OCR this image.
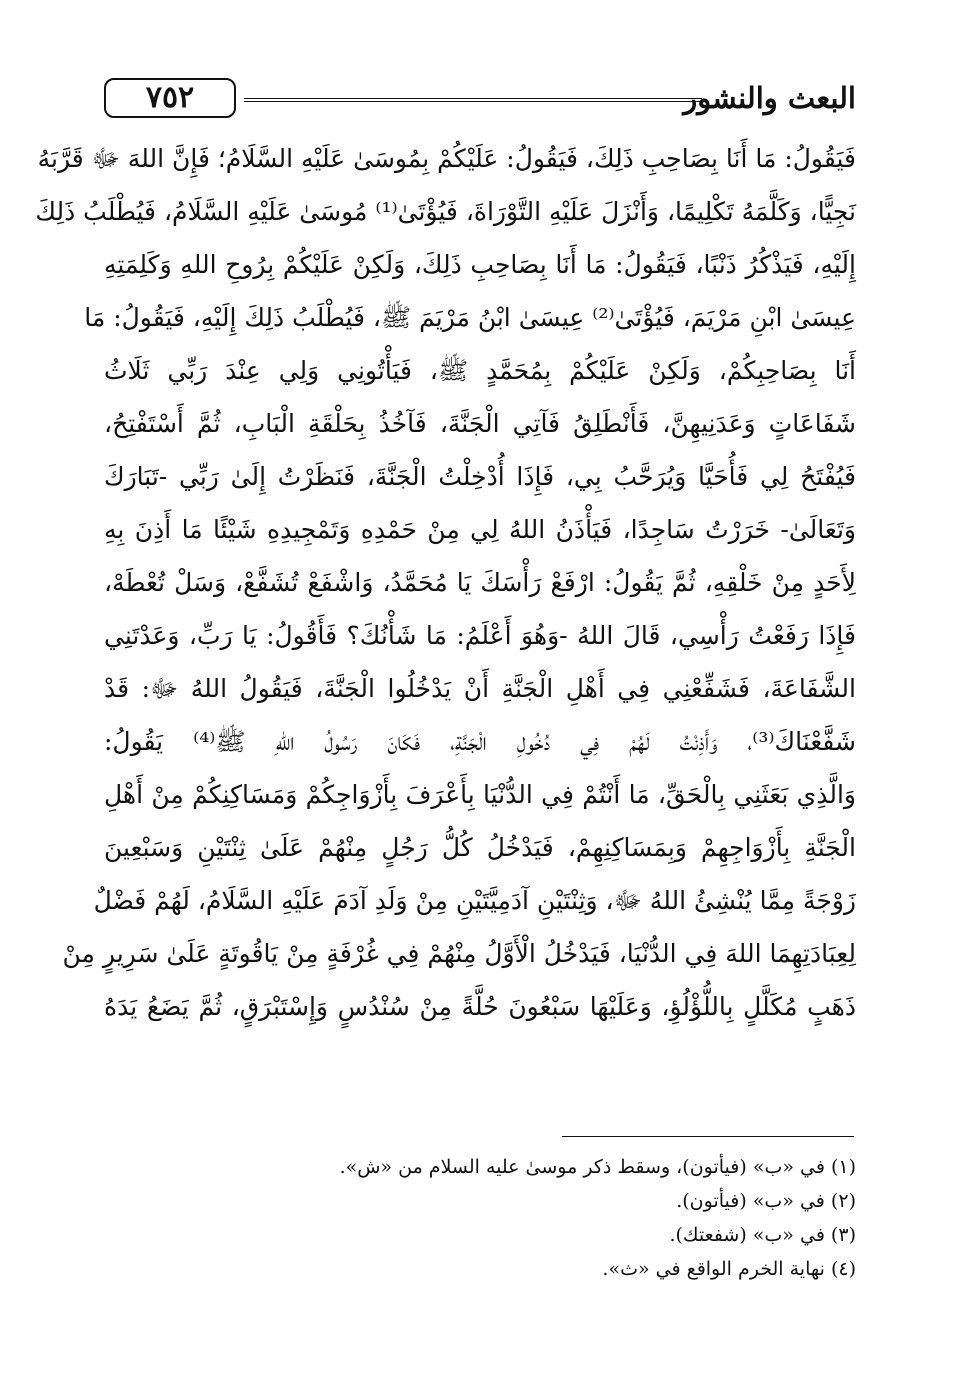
٧٥٢	البعث والنشور
فَيَقُولُ: مَا أَنَا بِصَاحِبِ ذَلِكَ، فَيَقُولُ: عَلَيْكُمْ بِمُوسَىٰ عَلَيْهِ السَّلَامُ؛ فَإِنَّ اللهَ ﷻ قَرَّبَهُ
نَجِيًّا، وَكَلَّمَهُ تَكْلِيمًا، وَأَنْزَلَ عَلَيْهِ التَّوْرَاةَ، فَيُؤْتَىٰ⁽¹⁾ مُوسَىٰ عَلَيْهِ السَّلَامُ، فَيُطْلَبُ ذَلِكَ
إِلَيْهِ، فَيَذْكُرُ ذَنْبًا، فَيَقُولُ: مَا أَنَا بِصَاحِبِ ذَلِكَ، وَلَكِنْ عَلَيْكُمْ بِرُوحِ اللهِ وَكَلِمَتِهِ
عِيسَىٰ ابْنِ مَرْيَمَ، فَيُؤْتَىٰ⁽²⁾ عِيسَىٰ ابْنُ مَرْيَمَ ﷺ، فَيُطْلَبُ ذَلِكَ إِلَيْهِ، فَيَقُولُ: مَا
أَنَا بِصَاحِبِكُمْ، وَلَكِنْ عَلَيْكُمْ بِمُحَمَّدٍ ﷺ، فَيَأْتُونِي وَلِي عِنْدَ رَبِّي ثَلَاثُ
شَفَاعَاتٍ وَعَدَنِيهِنَّ، فَأَنْطَلِقُ فَآتِي الْجَنَّةَ، فَآخُذُ بِحَلْقَةِ الْبَابِ، ثُمَّ أَسْتَفْتِحُ،
فَيُفْتَحُ لِي فَأُحَيَّا وَيُرَحَّبُ بِي، فَإِذَا أُدْخِلْتُ الْجَنَّةَ، فَنَظَرْتُ إِلَىٰ رَبِّي -تَبَارَكَ
وَتَعَالَىٰ- خَرَرْتُ سَاجِدًا، فَيَأْذَنُ اللهُ لِي مِنْ حَمْدِهِ وَتَمْجِيدِهِ شَيْئًا مَا أَذِنَ بِهِ
لِأَحَدٍ مِنْ خَلْقِهِ، ثُمَّ يَقُولُ: ارْفَعْ رَأْسَكَ يَا مُحَمَّدُ، وَاشْفَعْ تُشَفَّعْ، وَسَلْ تُعْطَهْ،
فَإِذَا رَفَعْتُ رَأْسِي، قَالَ اللهُ -وَهُوَ أَعْلَمُ: مَا شَأْنُكَ؟ فَأَقُولُ: يَا رَبِّ، وَعَدْتَنِي
الشَّفَاعَةَ، فَشَفِّعْنِي فِي أَهْلِ الْجَنَّةِ أَنْ يَدْخُلُوا الْجَنَّةَ، فَيَقُولُ اللهُ ﷻ: قَدْ
شَفَّعْنَاكَ⁽³⁾، وَأَذِنْتُ لَهُمْ فِي دُخُولِ الْجَنَّةِ، فَكَانَ رَسُولُ اللهِ ﷺ⁽⁴⁾ يَقُولُ:
وَالَّذِي بَعَثَنِي بِالْحَقِّ، مَا أَنْتُمْ فِي الدُّنْيَا بِأَعْرَفَ بِأَزْوَاجِكُمْ وَمَسَاكِنِكُمْ مِنْ أَهْلِ
الْجَنَّةِ بِأَزْوَاجِهِمْ وَبِمَسَاكِنِهِمْ، فَيَدْخُلُ كُلُّ رَجُلٍ مِنْهُمْ عَلَىٰ ثِنْتَيْنِ وَسَبْعِينَ
زَوْجَةً مِمَّا يُنْشِئُ اللهُ ﷻ، وَثِنْتَيْنِ آدَمِيَّتَيْنِ مِنْ وَلَدِ آدَمَ عَلَيْهِ السَّلَامُ، لَهُمْ فَضْلٌ
لِعِبَادَتِهِمَا اللهَ فِي الدُّنْيَا، فَيَدْخُلُ الْأَوَّلُ مِنْهُمْ فِي غُرْفَةٍ مِنْ يَاقُوتَةٍ عَلَىٰ سَرِيرٍ مِنْ
ذَهَبٍ مُكَلَّلٍ بِاللُّؤْلُؤِ، وَعَلَيْهَا سَبْعُونَ حُلَّةً مِنْ سُنْدُسٍ وَإِسْتَبْرَقٍ، ثُمَّ يَضَعُ يَدَهُ
(١) في «ب» (فيأتون)، وسقط ذكر موسىٰ عليه السلام من «ش».
(٢) في «ب» (فيأتون).
(٣) في «ب» (شفعتك).
(٤) نهاية الخرم الواقع في «ث».
